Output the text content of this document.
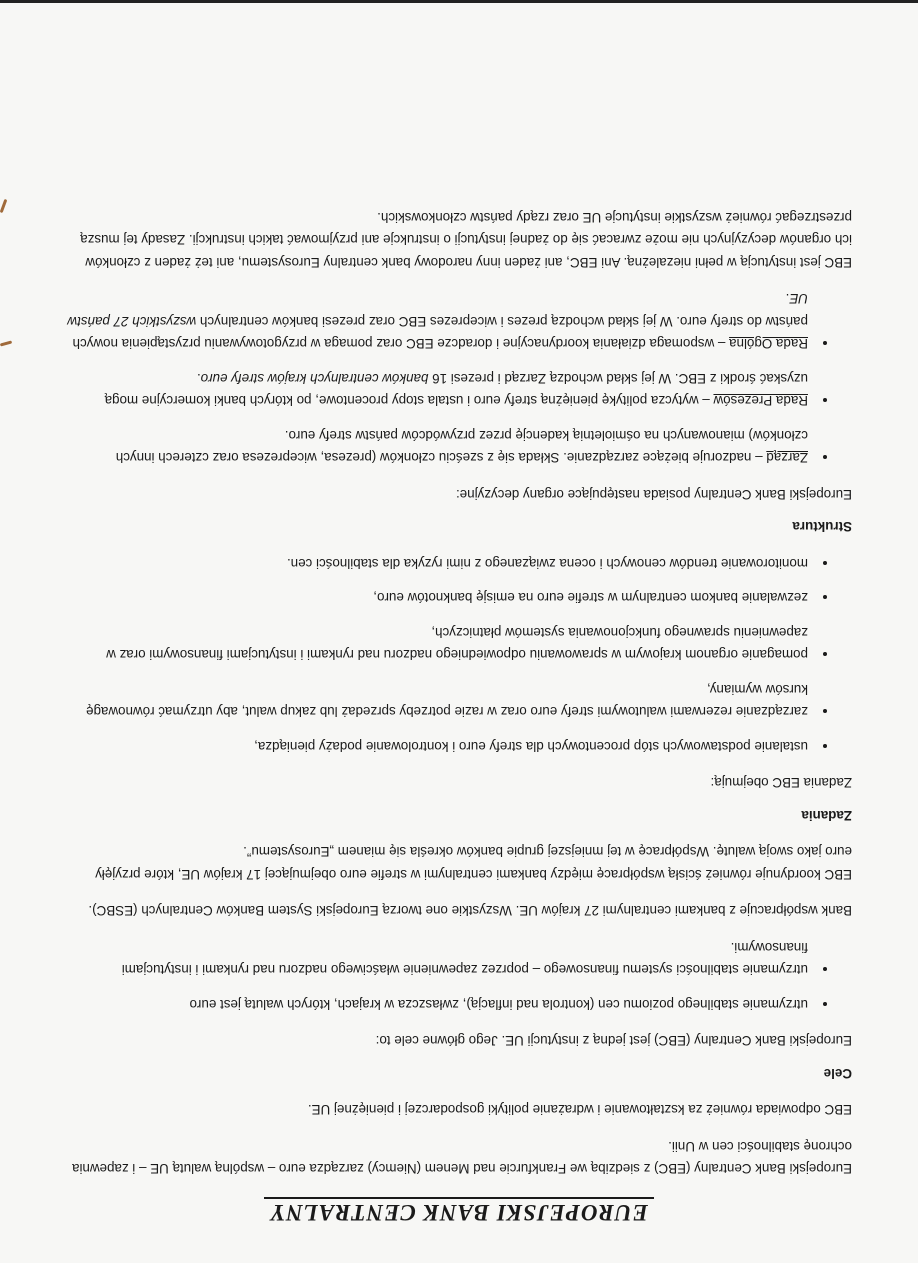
EUROPEJSKI BANK CENTRALNY

Europejski Bank Centralny (EBC) z siedzibą we Frankfurcie nad Menem (Niemcy) zarządza euro – wspólną walutą UE – i zapewnia ochronę stabilności cen w Unii.

EBC odpowiada również za kształtowanie i wdrażanie polityki gospodarczej i pieniężnej UE.

Cele

Europejski Bank Centralny (EBC) jest jedną z instytucji UE. Jego główne cele to:

• utrzymanie stabilnego poziomu cen (kontrola nad inflacją), zwłaszcza w krajach, których walutą jest euro
• utrzymanie stabilności systemu finansowego – poprzez zapewnienie właściwego nadzoru nad rynkami i instytucjami finansowymi.

Bank współpracuje z bankami centralnymi 27 krajów UE. Wszystkie one tworzą Europejski System Banków Centralnych (ESBC).

EBC koordynuje również ścisłą współpracę między bankami centralnymi w strefie euro obejmującej 17 krajów UE, które przyjęły euro jako swoją walutę. Współpracę w tej mniejszej grupie banków określa się mianem „Eurosystemu”.

Zadania

Zadania EBC obejmują:

• ustalanie podstawowych stóp procentowych dla strefy euro i kontrolowanie podaży pieniądza,
• zarządzanie rezerwami walutowymi strefy euro oraz w razie potrzeby sprzedaż lub zakup walut, aby utrzymać równowagę kursów wymiany,
• pomaganie organom krajowym w sprawowaniu odpowiedniego nadzoru nad rynkami i instytucjami finansowymi oraz w zapewnieniu sprawnego funkcjonowania systemów płatniczych,
• zezwalanie bankom centralnym w strefie euro na emisję banknotów euro,
• monitorowanie trendów cenowych i ocena związanego z nimi ryzyka dla stabilności cen.
Struktura

Europejski Bank Centralny posiada następujące organy decyzyjne:

• Zarząd – nadzoruje bieżące zarządzanie. Składa się z sześciu członków (prezesa, wiceprezesa oraz czterech innych członków) mianowanych na ośmioletnią kadencję przez przywódców państw strefy euro.
• Rada Prezesów – wytycza politykę pieniężną strefy euro i ustala stopy procentowe, po których banki komercyjne mogą uzyskać środki z EBC. W jej skład wchodzą Zarząd i prezesi 16 banków centralnych krajów strefy euro.
• Rada Ogólna – wspomaga działania koordynacyjne i doradcze EBC oraz pomaga w przygotowywaniu przystąpienia nowych państw do strefy euro. W jej skład wchodzą prezes i wiceprezes EBC oraz prezesi banków centralnych wszystkich 27 państw UE.

EBC jest instytucją w pełni niezależną. Ani EBC, ani żaden inny narodowy bank centralny Eurosystemu, ani też żaden z członków ich organów decyzyjnych nie może zwracać się do żadnej instytucji o instrukcje ani przyjmować takich instrukcji. Zasady tej muszą przestrzegać również wszystkie instytucje UE oraz rządy państw członkowskich.
